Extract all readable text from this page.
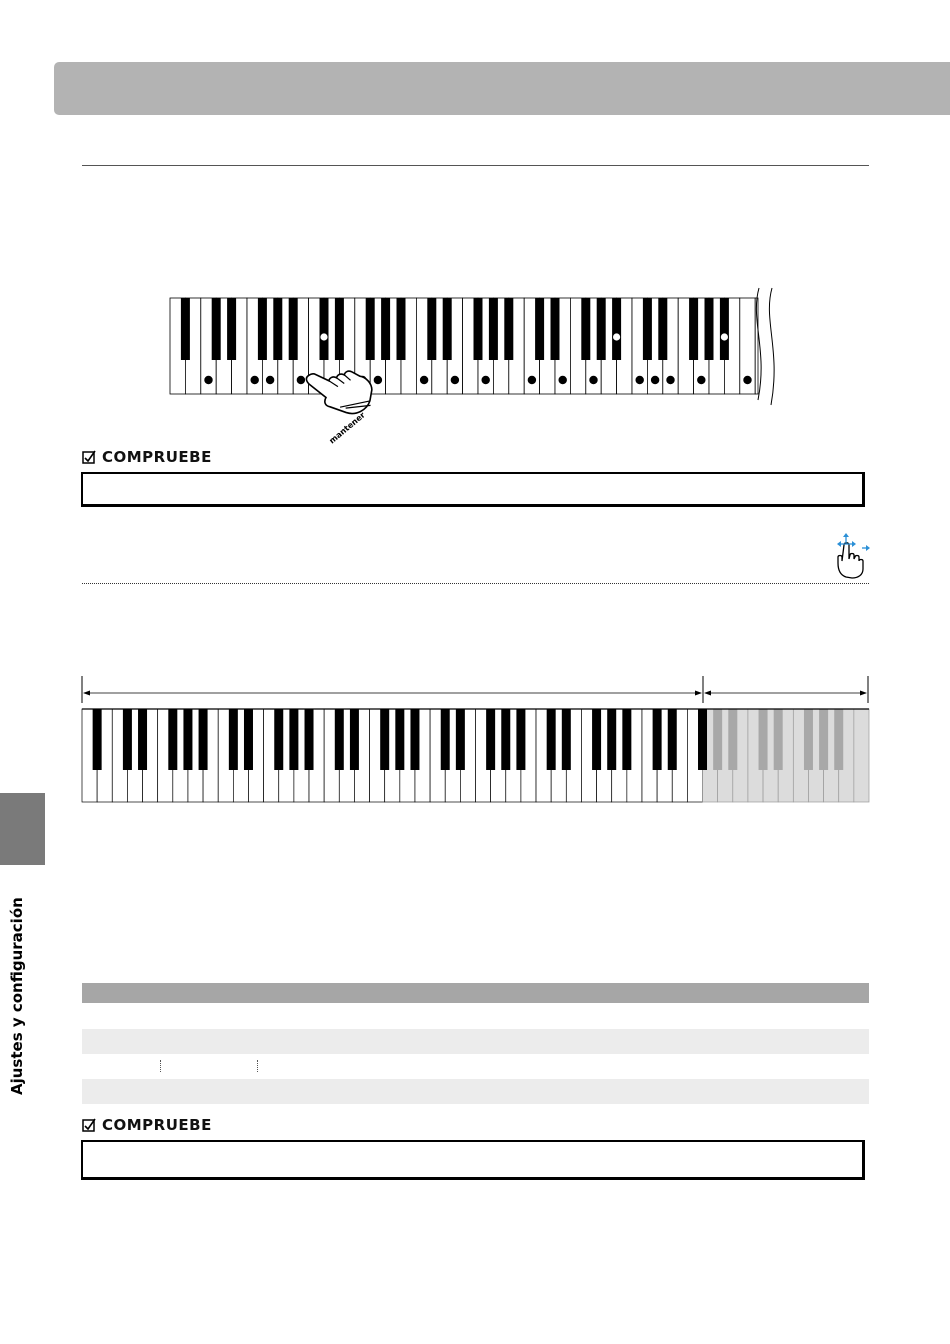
mantener
COMPRUEBE
COMPRUEBE
Ajustes y configuración
